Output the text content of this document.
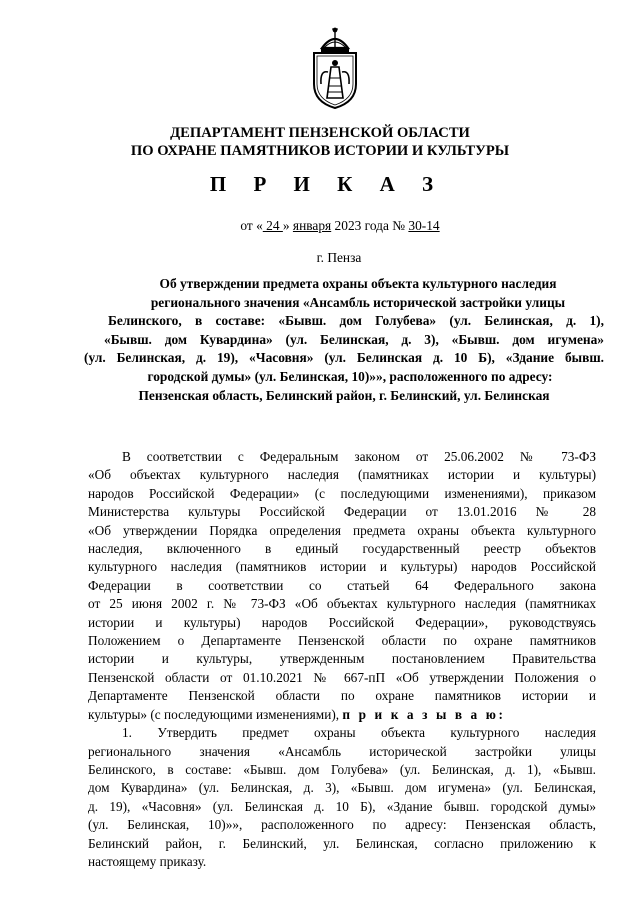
ДЕПАРТАМЕНТ ПЕНЗЕНСКОЙ ОБЛАСТИ
ПО ОХРАНЕ ПАМЯТНИКОВ ИСТОРИИ И КУЛЬТУРЫ
П Р И К А З
от « 24 » января 2023 года № 30-14
г. Пенза
Об утверждении предмета охраны объекта культурного наследия
регионального значения «Ансамбль исторической застройки улицы
Белинского, в составе: «Бывш. дом Голубева» (ул. Белинская, д. 1),
«Бывш. дом Кувардина» (ул. Белинская, д. 3), «Бывш. дом игумена»
(ул. Белинская, д. 19), «Часовня» (ул. Белинская д. 10 Б), «Здание бывш.
городской думы» (ул. Белинская, 10)»», расположенного по адресу:
Пензенская область, Белинский район, г. Белинский, ул. Белинская
В соответствии с Федеральным законом от 25.06.2002 № 73-ФЗ
«Об объектах культурного наследия (памятниках истории и культуры)
народов Российской Федерации» (с последующими изменениями), приказом
Министерства культуры Российской Федерации от 13.01.2016 № 28
«Об утверждении Порядка определения предмета охраны объекта культурного
наследия, включенного в единый государственный реестр объектов
культурного наследия (памятников истории и культуры) народов Российской
Федерации в соответствии со статьей 64 Федерального закона
от 25 июня 2002 г. № 73-ФЗ «Об объектах культурного наследия (памятниках
истории и культуры) народов Российской Федерации», руководствуясь
Положением о Департаменте Пензенской области по охране памятников
истории и культуры, утвержденным постановлением Правительства
Пензенской области от 01.10.2021 № 667-пП «Об утверждении Положения о
Департаменте Пензенской области по охране памятников истории и
культуры» (с последующими изменениями), п р и к а з ы в а ю:
1. Утвердить предмет охраны объекта культурного наследия
регионального значения «Ансамбль исторической застройки улицы
Белинского, в составе: «Бывш. дом Голубева» (ул. Белинская, д. 1), «Бывш.
дом Кувардина» (ул. Белинская, д. 3), «Бывш. дом игумена» (ул. Белинская,
д. 19), «Часовня» (ул. Белинская д. 10 Б), «Здание бывш. городской думы»
(ул. Белинская, 10)»», расположенного по адресу: Пензенская область,
Белинский район, г. Белинский, ул. Белинская, согласно приложению к
настоящему приказу.
